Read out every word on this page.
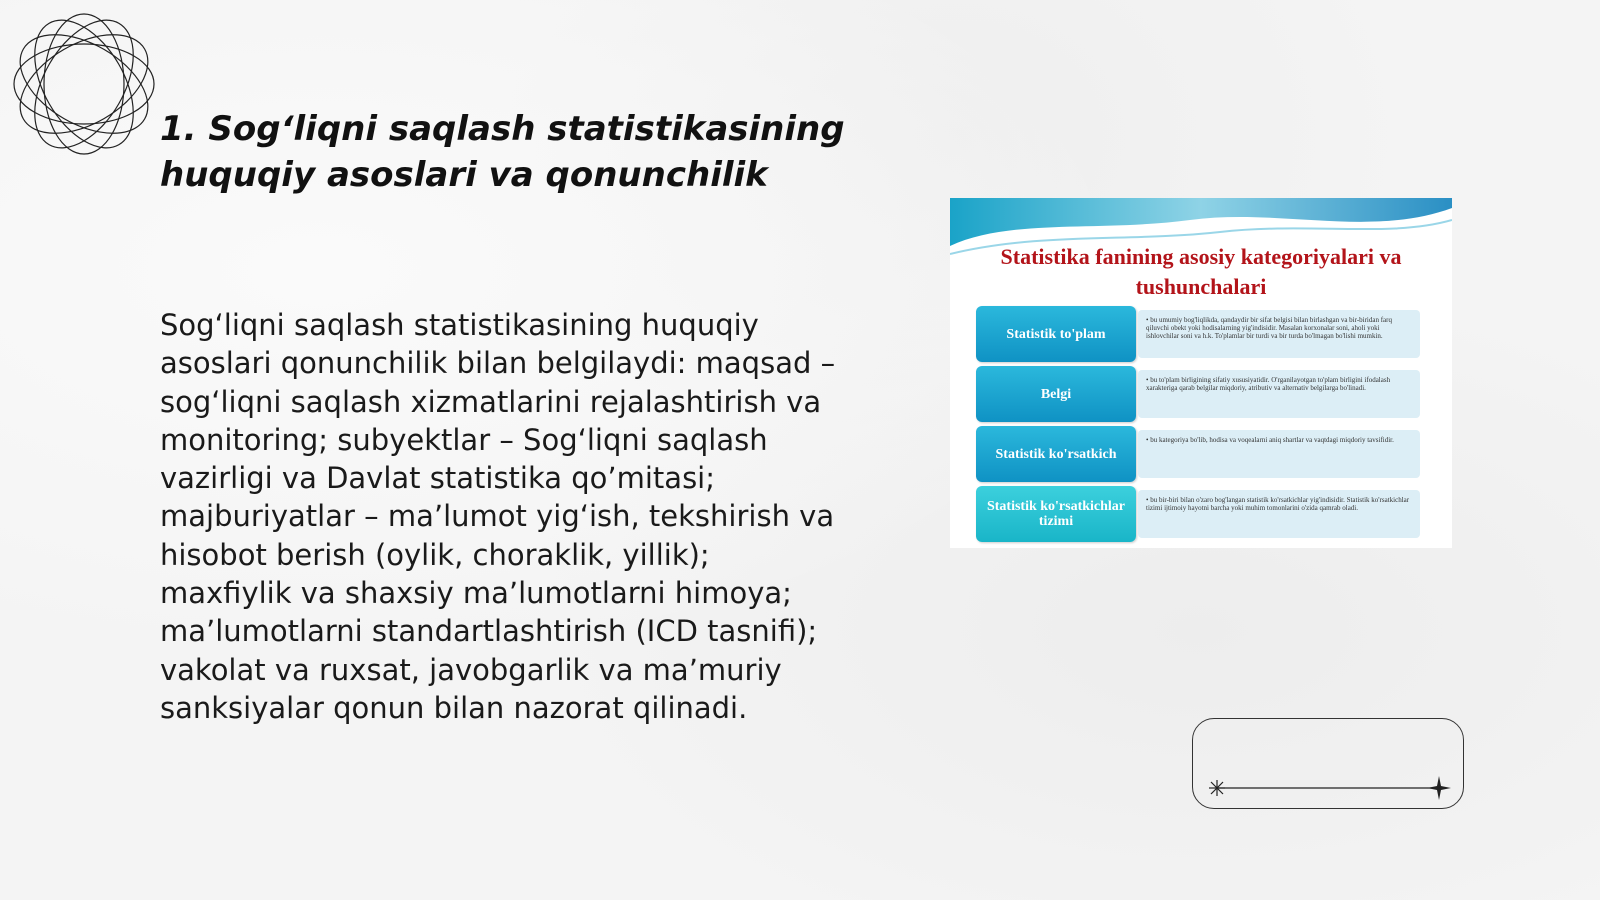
1. Sog‘liqni saqlash statistikasining huquqiy asoslari va qonunchilik
Sog‘liqni saqlash statistikasining huquqiy asoslari qonunchilik bilan belgilaydi: maqsad – sog‘liqni saqlash xizmatlarini rejalashtirish va monitoring; subyektlar – Sog‘liqni saqlash vazirligi va Davlat statistika qo’mitasi; majburiyatlar – ma’lumot yig‘ish, tekshirish va hisobot berish (oylik, choraklik, yillik); maxfiylik va shaxsiy ma’lumotlarni himoya; ma’lumotlarni standartlashtirish (ICD tasnifi); vakolat va ruxsat, javobgarlik va ma’muriy sanksiyalar qonun bilan nazorat qilinadi.
Statistika fanining asosiy kategoriyalari va tushunchalari
Statistik to'plam
• bu umumiy bog'liqlikda, qandaydir bir sifat belgisi bilan birlashgan va bir-biridan farq qiluvchi obekt yoki hodisalarning yig'indisidir. Masalan korxonalar soni, aholi yoki ishlovchilar soni va h.k. To'plamlar bir turdi va bir turda bo'lmagan bo'lishi mumkin.
Belgi
• bu to'plam birligining sifatiy xususiyatidir. O'rganilayotgan to'plam birligini ifodalash xarakteriga qarab belgilar miqdoriy, atributiv va alternativ belgilarga bo'linadi.
Statistik ko'rsatkich
• bu kategoriya bo'lib, hodisa va voqealarni aniq shartlar va vaqtdagi miqdoriy tavsifidir.
Statistik ko'rsatkichlar tizimi
• bu bir-biri bilan o'zaro bog'langan statistik ko'rsatkichlar yig'indisidir. Statistik ko'rsatkichlar tizimi ijtimoiy hayotni barcha yoki muhim tomonlarini o'zida qamrab oladi.
